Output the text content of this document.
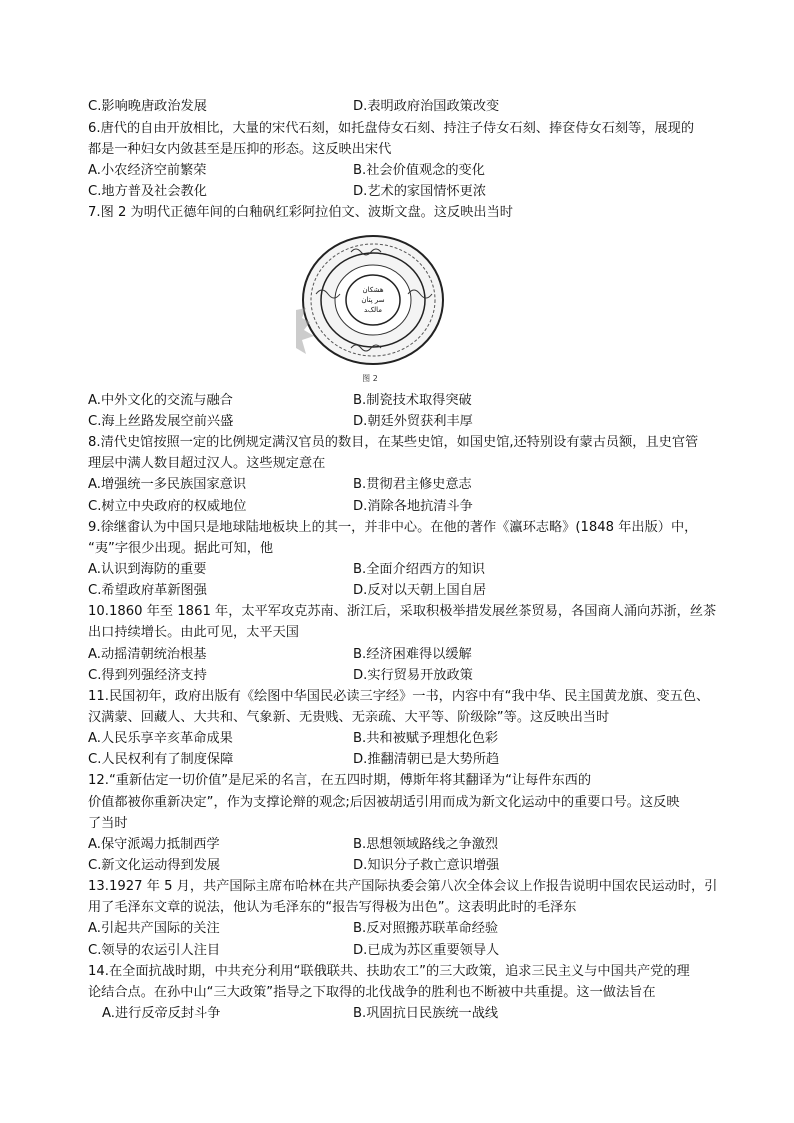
C.影响晚唐政治发展	D.表明政府治国政策改变
6.唐代的自由开放相比，大量的宋代石刻，如托盘侍女石刻、持注子侍女石刻、捧奁侍女石刻等，展现的
都是一种妇女内敛甚至是压抑的形态。这反映出宋代
A.小农经济空前繁荣	B.社会价值观念的变化
C.地方普及社会教化	D.艺术的家国情怀更浓
7.图 2 为明代正德年间的白釉矾红彩阿拉伯文、波斯文盘。这反映出当时
ﻫﺸﮑﺎن
ﺳﺮ ﭘﺘﺎﻥ
ﻣﺎﻟﮏﺪ
图 2
A.中外文化的交流与融合	B.制瓷技术取得突破
C.海上丝路发展空前兴盛	D.朝廷外贸获利丰厚
8.清代史馆按照一定的比例规定满汉官员的数目，在某些史馆，如国史馆,还特别设有蒙古员额，且史官管
理层中满人数目超过汉人。这些规定意在
A.增强统一多民族国家意识	B.贯彻君主修史意志
C.树立中央政府的权威地位	D.消除各地抗清斗争
9.徐继畬认为中国只是地球陆地板块上的其一，并非中心。在他的著作《瀛环志略》(1848 年出版）中，
“夷”字很少出现。据此可知，他
A.认识到海防的重要	B.全面介绍西方的知识
C.希望政府革新图强	D.反对以天朝上国自居
10.1860 年至 1861 年，太平军攻克苏南、浙江后，采取积极举措发展丝茶贸易，各国商人涌向苏浙，丝茶
出口持续增长。由此可见，太平天国
A.动摇清朝统治根基	B.经济困难得以缓解
C.得到列强经济支持	D.实行贸易开放政策
11.民国初年，政府出版有《绘图中华国民必读三字经》一书，内容中有“我中华、民主国黄龙旗、变五色、
汉满蒙、回藏人、大共和、气象新、无贵贱、无亲疏、大平等、阶级除”等。这反映出当时
A.人民乐享辛亥革命成果	B.共和被赋予理想化色彩
C.人民权利有了制度保障	D.推翻清朝已是大势所趋
12.“重新估定一切价值”是尼采的名言，在五四时期，傅斯年将其翻译为“让每件东西的
价值都被你重新决定”，作为支撑论辩的观念;后因被胡适引用而成为新文化运动中的重要口号。这反映
了当时
A.保守派竭力抵制西学	B.思想领域路线之争激烈
C.新文化运动得到发展	D.知识分子救亡意识增强
13.1927 年 5 月，共产国际主席布哈林在共产国际执委会第八次全体会议上作报告说明中国农民运动时，引
用了毛泽东文章的说法，他认为毛泽东的“报告写得极为出色”。这表明此时的毛泽东
A.引起共产国际的关注	B.反对照搬苏联革命经验
C.领导的农运引人注目	D.已成为苏区重要领导人
14.在全面抗战时期，中共充分利用“联俄联共、扶助农工”的三大政策，追求三民主义与中国共产党的理
论结合点。在孙中山“三大政策”指导之下取得的北伐战争的胜利也不断被中共重提。这一做法旨在
A.进行反帝反封斗争	B.巩固抗日民族统一战线
